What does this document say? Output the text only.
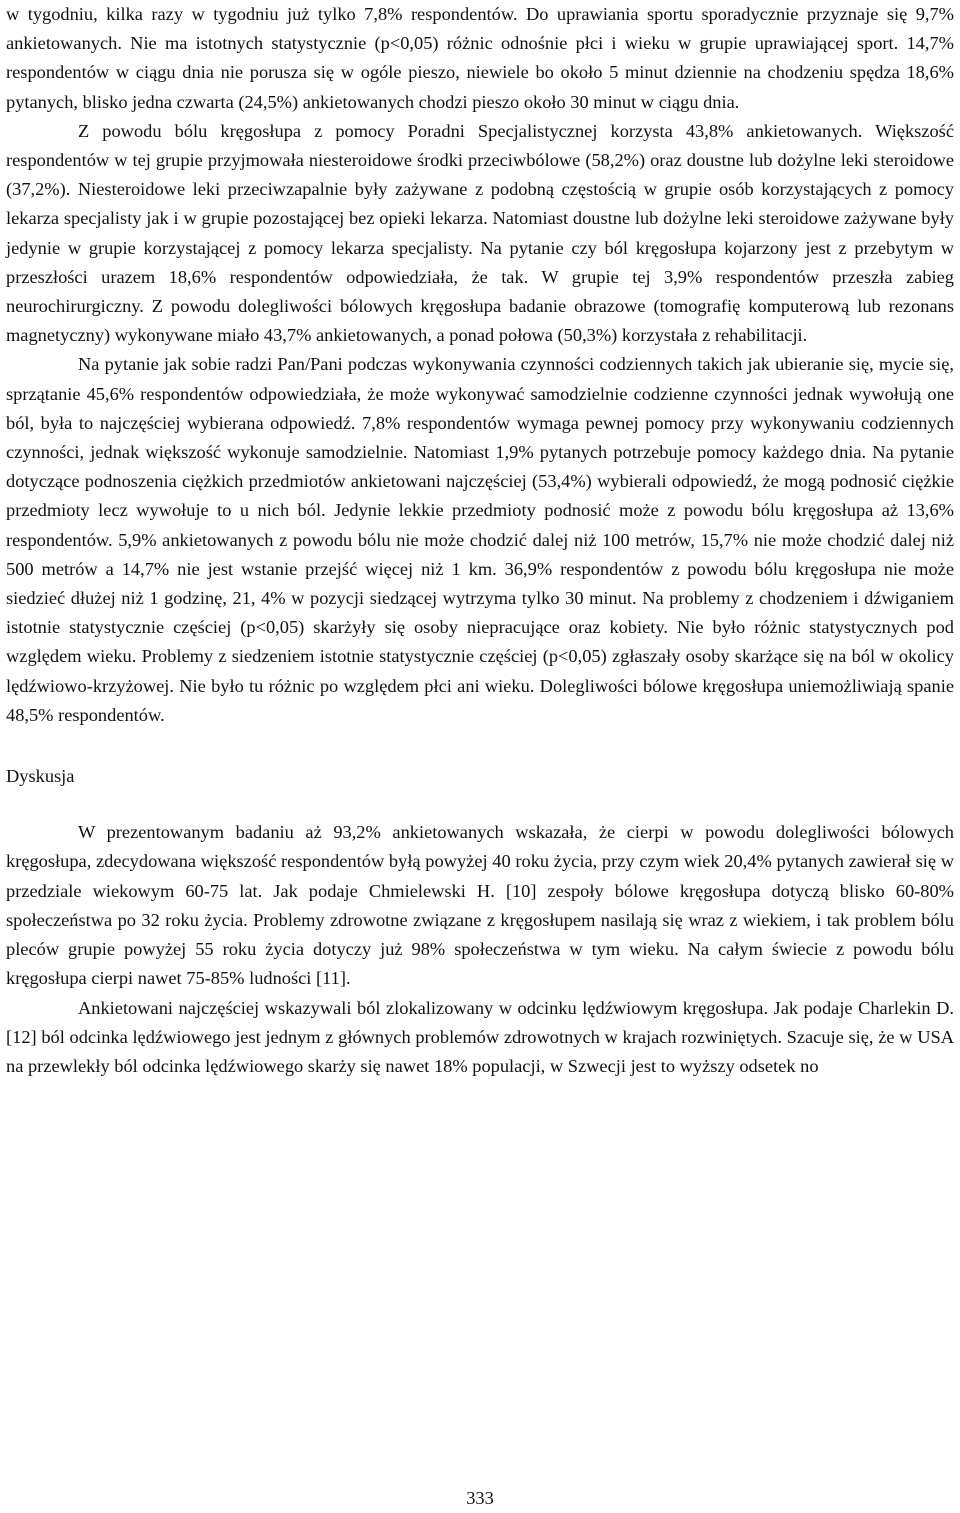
w tygodniu, kilka razy w tygodniu już tylko 7,8% respondentów. Do uprawiania sportu sporadycznie przyznaje się 9,7% ankietowanych. Nie ma istotnych statystycznie (p<0,05) różnic odnośnie płci i wieku w grupie uprawiającej sport. 14,7% respondentów w ciągu dnia nie porusza się w ogóle pieszo, niewiele bo około 5 minut dziennie na chodzeniu spędza 18,6% pytanych, blisko jedna czwarta (24,5%) ankietowanych chodzi pieszo około 30 minut w ciągu dnia.

Z powodu bólu kręgosłupa z pomocy Poradni Specjalistycznej korzysta 43,8% ankietowanych. Większość respondentów w tej grupie przyjmowała niesteroidowe środki przeciwbólowe (58,2%) oraz doustne lub dożylne leki steroidowe (37,2%). Niesteroidowe leki przeciwzapalnie były zażywane z podobną częstością w grupie osób korzystających z pomocy lekarza specjalisty jak i w grupie pozostającej bez opieki lekarza. Natomiast doustne lub dożylne leki steroidowe zażywane były jedynie w grupie korzystającej z pomocy lekarza specjalisty. Na pytanie czy ból kręgosłupa kojarzony jest z przebytym w przeszłości urazem 18,6% respondentów odpowiedziała, że tak. W grupie tej 3,9% respondentów przeszła zabieg neurochirurgiczny. Z powodu dolegliwości bólowych kręgosłupa badanie obrazowe (tomografię komputerową lub rezonans magnetyczny) wykonywane miało 43,7% ankietowanych, a ponad połowa (50,3%) korzystała z rehabilitacji.

Na pytanie jak sobie radzi Pan/Pani podczas wykonywania czynności codziennych takich jak ubieranie się, mycie się, sprzątanie 45,6% respondentów odpowiedziała, że może wykonywać samodzielnie codzienne czynności jednak wywołują one ból, była to najczęściej wybierana odpowiedź. 7,8% respondentów wymaga pewnej pomocy przy wykonywaniu codziennych czynności, jednak większość wykonuje samodzielnie. Natomiast 1,9% pytanych potrzebuje pomocy każdego dnia. Na pytanie dotyczące podnoszenia ciężkich przedmiotów ankietowani najczęściej (53,4%) wybierali odpowiedź, że mogą podnosić ciężkie przedmioty lecz wywołuje to u nich ból. Jedynie lekkie przedmioty podnosić może z powodu bólu kręgosłupa aż 13,6% respondentów. 5,9% ankietowanych z powodu bólu nie może chodzić dalej niż 100 metrów, 15,7% nie może chodzić dalej niż 500 metrów a 14,7% nie jest wstanie przejść więcej niż 1 km. 36,9% respondentów z powodu bólu kręgosłupa nie może siedzieć dłużej niż 1 godzinę, 21, 4% w pozycji siedzącej wytrzyma tylko 30 minut. Na problemy z chodzeniem i dźwiganiem istotnie statystycznie częściej (p<0,05) skarżyły się osoby niepracujące oraz kobiety. Nie było różnic statystycznych pod względem wieku. Problemy z siedzeniem istotnie statystycznie częściej (p<0,05) zgłaszały osoby skarżące się na ból w okolicy lędźwiowo-krzyżowej. Nie było tu różnic po względem płci ani wieku. Dolegliwości bólowe kręgosłupa uniemożliwiają spanie 48,5% respondentów.

Dyskusja

W prezentowanym badaniu aż 93,2% ankietowanych wskazała, że cierpi w powodu dolegliwości bólowych kręgosłupa, zdecydowana większość respondentów byłą powyżej 40 roku życia, przy czym wiek 20,4% pytanych zawierał się w przedziale wiekowym 60-75 lat. Jak podaje Chmielewski H. [10] zespoły bólowe kręgosłupa dotyczą blisko 60-80% społeczeństwa po 32 roku życia. Problemy zdrowotne związane z kręgosłupem nasilają się wraz z wiekiem, i tak problem bólu pleców grupie powyżej 55 roku życia dotyczy już 98% społeczeństwa w tym wieku. Na całym świecie z powodu bólu kręgosłupa cierpi nawet 75-85% ludności [11].

Ankietowani najczęściej wskazywali ból zlokalizowany w odcinku lędźwiowym kręgosłupa. Jak podaje Charlekin D. [12] ból odcinka lędźwiowego jest jednym z głównych problemów zdrowotnych w krajach rozwiniętych. Szacuje się, że w USA na przewlekły ból odcinka lędźwiowego skarży się nawet 18% populacji, w Szwecji jest to wyższy odsetek no

333
